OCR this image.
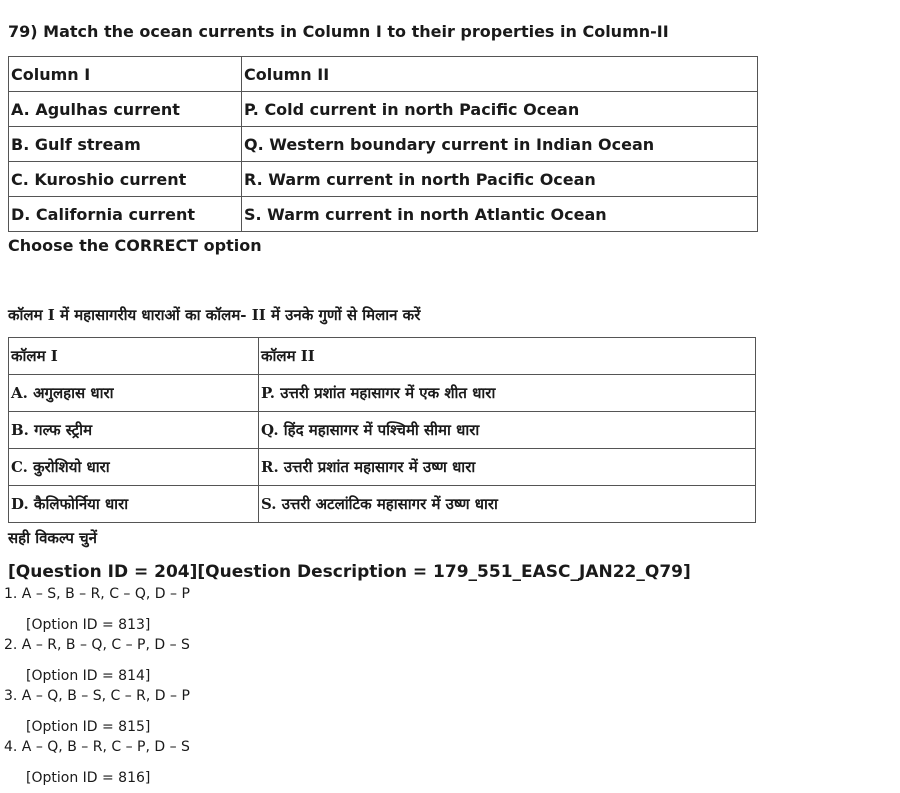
79) Match the ocean currents in Column I to their properties in Column-II
Column I	Column II
A. Agulhas current	P. Cold current in north Pacific Ocean
B. Gulf stream	Q. Western boundary current in Indian Ocean
C. Kuroshio current	R. Warm current in north Pacific Ocean
D. California current	S. Warm current in north Atlantic Ocean
Choose the CORRECT option
कॉलम I में महासागरीय धाराओं का कॉलम- II में उनके गुणों से मिलान करें
कॉलम I	कॉलम II
A. अगुलहास धारा	P. उत्तरी प्रशांत महासागर में एक शीत धारा
B. गल्फ स्ट्रीम	Q. हिंद महासागर में पश्चिमी सीमा धारा
C. कुरोशियो धारा	R. उत्तरी प्रशांत महासागर में उष्ण धारा
D. कैलिफोर्निया धारा	S. उत्तरी अटलांटिक महासागर में उष्ण धारा
सही विकल्प चुनें
[Question ID = 204][Question Description = 179_551_EASC_JAN22_Q79]
1. A – S, B – R, C – Q, D – P
[Option ID = 813]
2. A – R, B – Q, C – P, D – S
[Option ID = 814]
3. A – Q, B – S, C – R, D – P
[Option ID = 815]
4. A – Q, B – R, C – P, D – S
[Option ID = 816]
